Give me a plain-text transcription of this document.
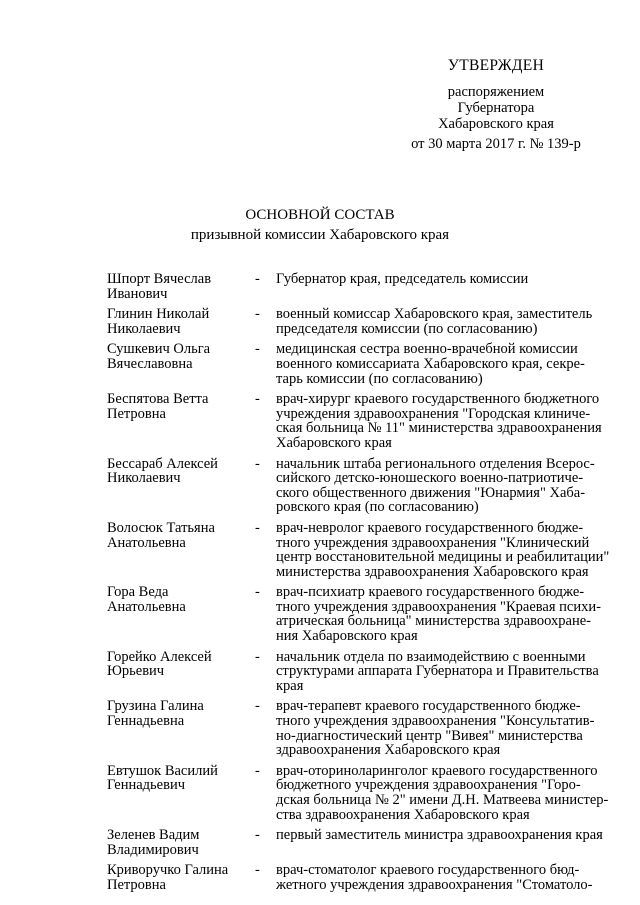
УТВЕРЖДЕН
распоряжением
Губернатора
Хабаровского края
от 30 марта 2017 г. № 139-р
ОСНОВНОЙ СОСТАВ
призывной комиссии Хабаровского края
Шпорт Вячеслав
Иванович
-	Губернатор края, председатель комиссии
Глинин Николай
Николаевич
-	военный комиссар Хабаровского края, заместитель
председателя комиссии (по согласованию)
Сушкевич Ольга
Вячеславовна
-	медицинская сестра военно-врачебной комиссии
военного комиссариата Хабаровского края, секре-
тарь комиссии (по согласованию)
Беспятова Ветта
Петровна
-	врач-хирург краевого государственного бюджетного
учреждения здравоохранения "Городская клиниче-
ская больница № 11" министерства здравоохранения
Хабаровского края
Бессараб Алексей
Николаевич
-	начальник штаба регионального отделения Всерос-
сийского детско-юношеского военно-патриотиче-
ского общественного движения "Юнармия" Хаба-
ровского края (по согласованию)
Волосюк Татьяна
Анатольевна
-	врач-невролог краевого государственного бюдже-
тного учреждения здравоохранения "Клинический
центр восстановительной медицины и реабилитации"
министерства здравоохранения Хабаровского края
Гора Веда
Анатольевна
-	врач-психиатр краевого государственного бюдже-
тного учреждения здравоохранения "Краевая психи-
атрическая больница" министерства здравоохране-
ния Хабаровского края
Горейко Алексей
Юрьевич
-	начальник отдела по взаимодействию с военными
структурами аппарата Губернатора и Правительства
края
Грузина Галина
Геннадьевна
-	врач-терапевт краевого государственного бюдже-
тного учреждения здравоохранения "Консультатив-
но-диагностический центр "Вивея" министерства
здравоохранения Хабаровского края
Евтушок Василий
Геннадьевич
-	врач-оториноларинголог краевого государственного
бюджетного учреждения здравоохранения "Горо-
дская больница № 2" имени Д.Н. Матвеева министер-
ства здравоохранения Хабаровского края
Зеленев Вадим
Владимирович
-	первый заместитель министра здравоохранения края
Криворучко Галина
Петровна
-	врач-стоматолог краевого государственного бюд-
жетного учреждения здравоохранения "Стоматоло-
